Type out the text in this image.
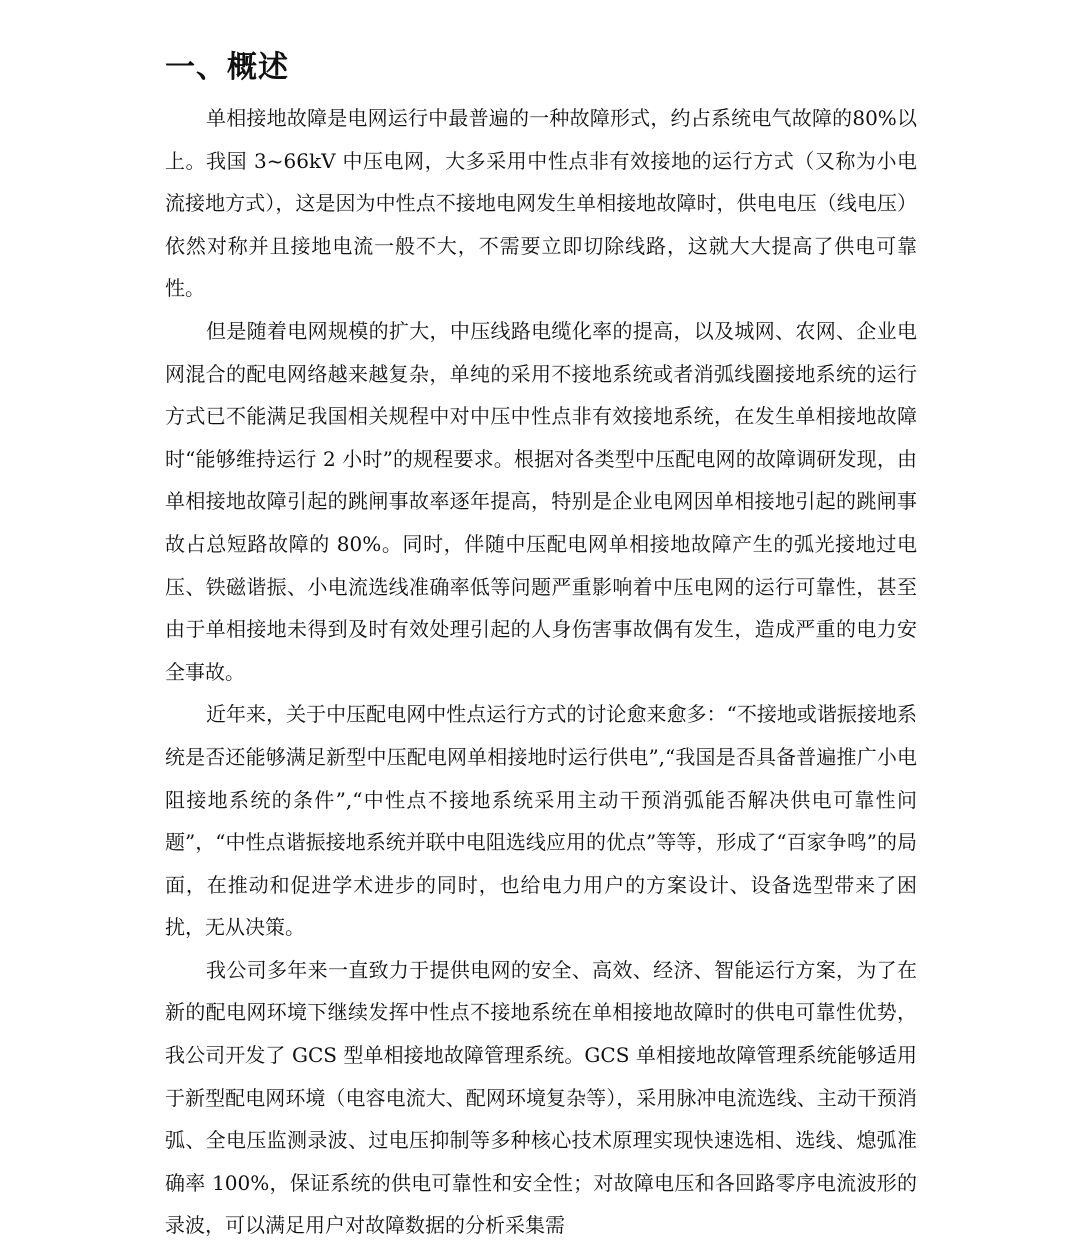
一、概述

单相接地故障是电网运行中最普遍的一种故障形式，约占系统电气故障的80%以上。我国 3~66kV 中压电网，大多采用中性点非有效接地的运行方式（又称为小电流接地方式），这是因为中性点不接地电网发生单相接地故障时，供电电压（线电压）依然对称并且接地电流一般不大，不需要立即切除线路，这就大大提高了供电可靠性。

但是随着电网规模的扩大，中压线路电缆化率的提高，以及城网、农网、企业电网混合的配电网络越来越复杂，单纯的采用不接地系统或者消弧线圈接地系统的运行方式已不能满足我国相关规程中对中压中性点非有效接地系统，在发生单相接地故障时“能够维持运行 2 小时”的规程要求。根据对各类型中压配电网的故障调研发现，由单相接地故障引起的跳闸事故率逐年提高，特别是企业电网因单相接地引起的跳闸事故占总短路故障的 80%。同时，伴随中压配电网单相接地故障产生的弧光接地过电压、铁磁谐振、小电流选线准确率低等问题严重影响着中压电网的运行可靠性，甚至由于单相接地未得到及时有效处理引起的人身伤害事故偶有发生，造成严重的电力安全事故。

近年来，关于中压配电网中性点运行方式的讨论愈来愈多：“不接地或谐振接地系统是否还能够满足新型中压配电网单相接地时运行供电”,“我国是否具备普遍推广小电阻接地系统的条件”,“中性点不接地系统采用主动干预消弧能否解决供电可靠性问题”，“中性点谐振接地系统并联中电阻选线应用的优点”等等，形成了“百家争鸣”的局面，在推动和促进学术进步的同时，也给电力用户的方案设计、设备选型带来了困扰，无从决策。

我公司多年来一直致力于提供电网的安全、高效、经济、智能运行方案，为了在新的配电网环境下继续发挥中性点不接地系统在单相接地故障时的供电可靠性优势，我公司开发了 GCS 型单相接地故障管理系统。GCS 单相接地故障管理系统能够适用于新型配电网环境（电容电流大、配网环境复杂等），采用脉冲电流选线、主动干预消弧、全电压监测录波、过电压抑制等多种核心技术原理实现快速选相、选线、熄弧准确率 100%，保证系统的供电可靠性和安全性；对故障电压和各回路零序电流波形的录波，可以满足用户对故障数据的分析采集需
